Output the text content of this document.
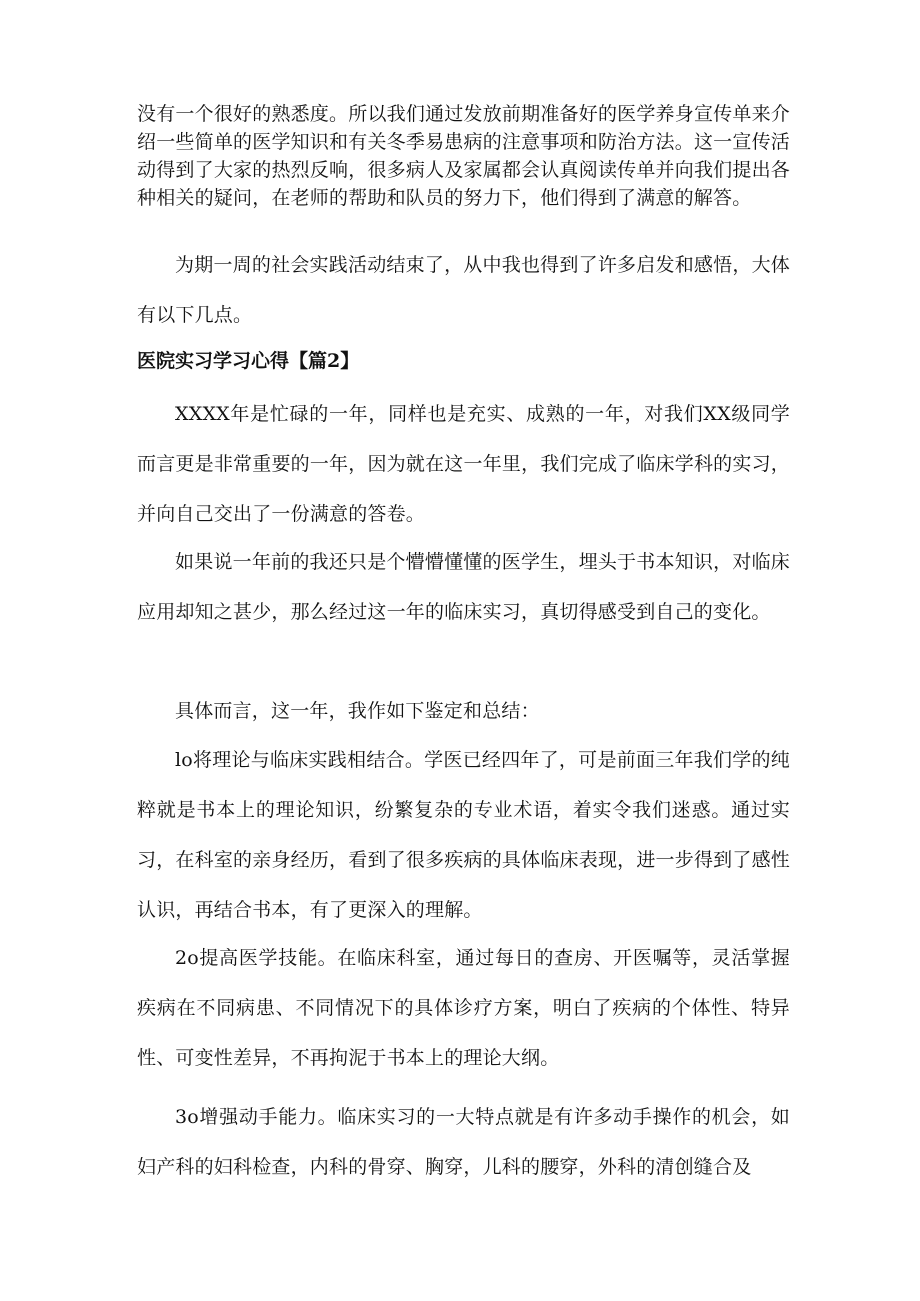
没有一个很好的熟悉度。所以我们通过发放前期准备好的医学养身宣传单来介绍一些简单的医学知识和有关冬季易患病的注意事项和防治方法。这一宣传活动得到了大家的热烈反响，很多病人及家属都会认真阅读传单并向我们提出各种相关的疑问，在老师的帮助和队员的努力下，他们得到了满意的解答。

为期一周的社会实践活动结束了，从中我也得到了许多启发和感悟，大体有以下几点。

医院实习学习心得【篇2】

XXXX年是忙碌的一年，同样也是充实、成熟的一年，对我们XX级同学而言更是非常重要的一年，因为就在这一年里，我们完成了临床学科的实习，并向自己交出了一份满意的答卷。

如果说一年前的我还只是个懵懵懂懂的医学生，埋头于书本知识，对临床应用却知之甚少，那么经过这一年的临床实习，真切得感受到自己的变化。

具体而言，这一年，我作如下鉴定和总结：

lo将理论与临床实践相结合。学医已经四年了，可是前面三年我们学的纯粹就是书本上的理论知识，纷繁复杂的专业术语，着实令我们迷惑。通过实习，在科室的亲身经历，看到了很多疾病的具体临床表现，进一步得到了感性认识，再结合书本，有了更深入的理解。

2o提高医学技能。在临床科室，通过每日的查房、开医嘱等，灵活掌握疾病在不同病患、不同情况下的具体诊疗方案，明白了疾病的个体性、特异性、可变性差异，不再拘泥于书本上的理论大纲。

3o增强动手能力。临床实习的一大特点就是有许多动手操作的机会，如妇产科的妇科检查，内科的骨穿、胸穿，儿科的腰穿，外科的清创缝合及
